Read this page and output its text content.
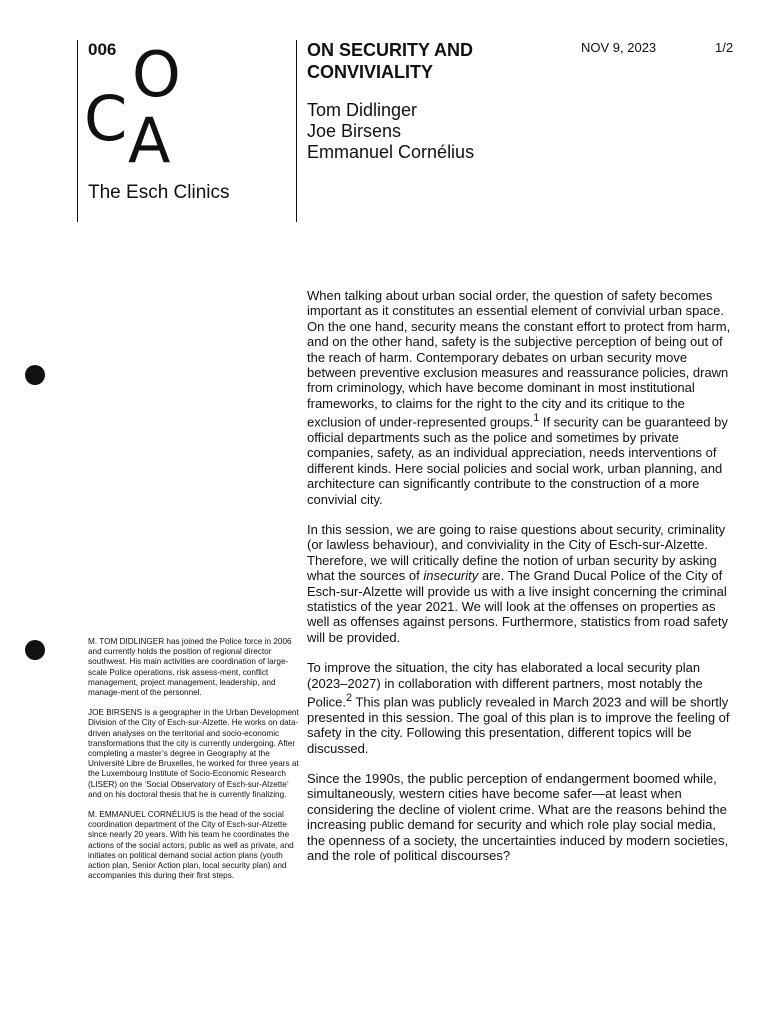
006 O
C A
The Esch Clinics
ON SECURITY AND CONVIVIALITY
NOV 9, 2023	1/2
Tom Didlinger
Joe Birsens
Emmanuel Cornélius

When talking about urban social order, the question of safety becomes important as it constitutes an essential element of convivial urban space. On the one hand, security means the constant effort to protect from harm, and on the other hand, safety is the subjective perception of being out of the reach of harm. Contemporary debates on urban security move between preventive exclusion measures and reassurance policies, drawn from criminology, which have become dominant in most institutional frameworks, to claims for the right to the city and its critique to the exclusion of under-represented groups.$^1$ If security can be guaranteed by official departments such as the police and sometimes by private companies, safety, as an individual appreciation, needs interventions of different kinds. Here social policies and social work, urban planning, and architecture can significantly contribute to the construction of a more convivial city.

In this session, we are going to raise questions about security, criminality (or lawless behaviour), and conviviality in the City of Esch-sur-Alzette. Therefore, we will critically define the notion of urban security by asking what the sources of insecurity are. The Grand Ducal Police of the City of Esch-sur-Alzette will provide us with a live insight concerning the criminal statistics of the year 2021. We will look at the offenses on properties as well as offenses against persons. Furthermore, statistics from road safety will be provided.

To improve the situation, the city has elaborated a local security plan (2023–2027) in collaboration with different partners, most notably the Police.$^2$ This plan was publicly revealed in March 2023 and will be shortly presented in this session. The goal of this plan is to improve the feeling of safety in the city. Following this presentation, different topics will be discussed.

Since the 1990s, the public perception of endangerment boomed while, simultaneously, western cities have become safer—at least when considering the decline of violent crime. What are the reasons behind the increasing public demand for security and which role play social media, the openness of a society, the uncertainties induced by modern societies, and the role of political discourses?

M. TOM DIDLINGER has joined the Police force in 2006 and currently holds the position of regional director southwest. His main activities are coordination of large-scale Police operations, risk assess-ment, conflict management, project management, leadership, and manage-ment of the personnel.

JOE BIRSENS is a geographer in the Urban Development Division of the City of Esch-sur-Alzette. He works on data-driven analyses on the territorial and socio-economic transformations that the city is currently undergoing. After completing a master’s degree in Geography at the Université Libre de Bruxelles, he worked for three years at the Luxembourg Institute of Socio-Economic Research (LISER) on the ‘Social Observatory of Esch-sur-Alzette’ and on his doctoral thesis that he is currently finalizing.

M. EMMANUEL CORNÉLIUS is the head of the social coordination department of the City of Esch-sur-Alzette since nearly 20 years. With his team he coordinates the actions of the social actors, public as well as private, and initiates on political demand social action plans (youth action plan, Senior Action plan, local security plan) and accompanies this during their first steps.
